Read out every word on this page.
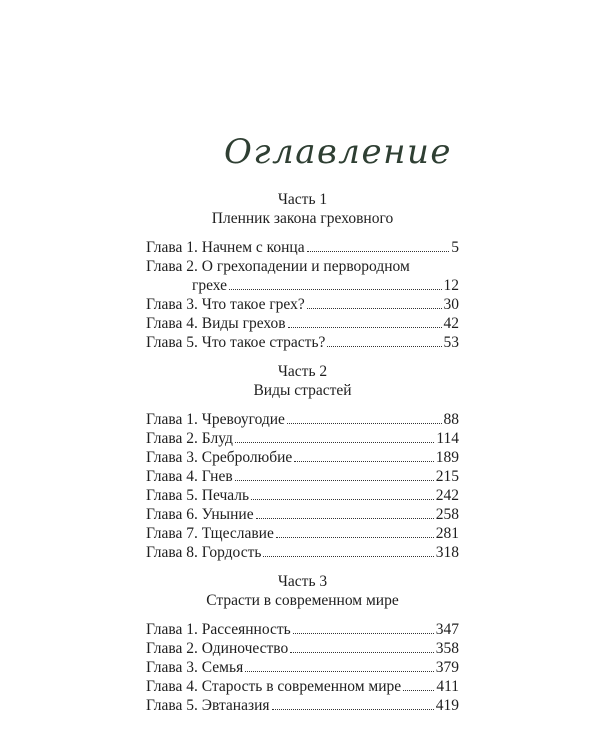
Оглавление
Часть 1
Пленник закона греховного
Глава 1. Начнем с конца	5
Глава 2. О грехопадении и первородном
грехе	12
Глава 3. Что такое грех?	30
Глава 4. Виды грехов	42
Глава 5. Что такое страсть?	53
Часть 2
Виды страстей
Глава 1. Чревоугодие	88
Глава 2. Блуд	114
Глава 3. Сребролюбие	189
Глава 4. Гнев	215
Глава 5. Печаль	242
Глава 6. Уныние	258
Глава 7. Тщеславие	281
Глава 8. Гордость	318
Часть 3
Страсти в современном мире
Глава 1. Рассеянность	347
Глава 2. Одиночество	358
Глава 3. Семья	379
Глава 4. Старость в современном мире 411
Глава 5. Эвтаназия	419
